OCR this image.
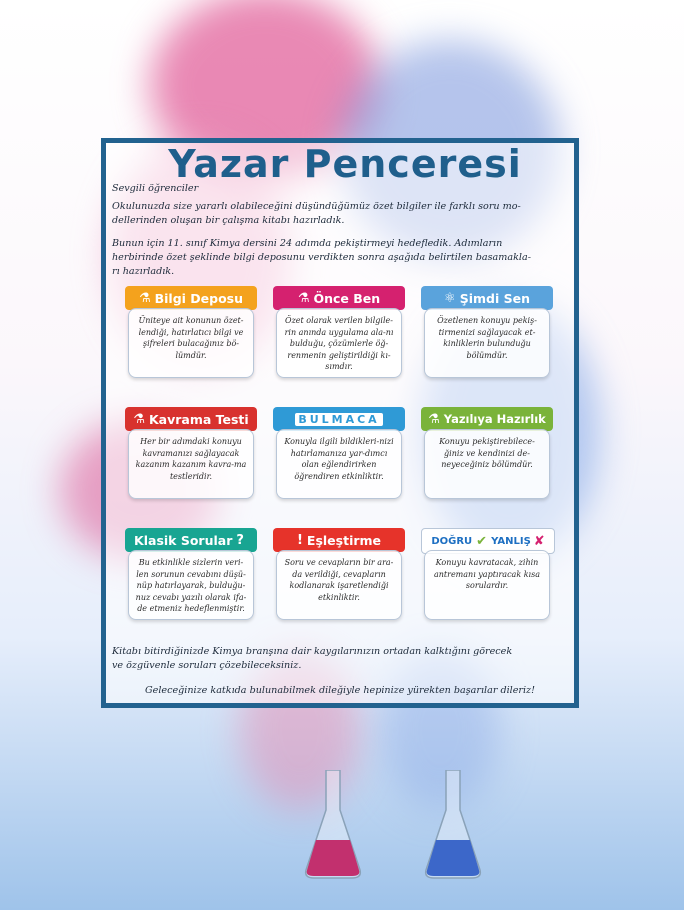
Yazar Penceresi
Sevgili öğrenciler
Okulunuzda size yararlı olabileceğini düşündüğümüz özet bilgiler ile farklı soru mo-
dellerinden oluşan bir çalışma kitabı hazırladık.
Bunun için 11. sınıf Kimya dersini 24 adımda pekiştirmeyi hedefledik. Adımların
herbirinde özet şeklinde bilgi deposunu verdikten sonra aşağıda belirtilen basamakla-
rı hazırladık.
⚗ Bilgi Deposu
Üniteye ait konunun özet-lendiği, hatırlatıcı bilgi ve şifreleri bulacağınız bö-lümdür.
⚗ Önce Ben
Özet olarak verilen bilgile-rin anında uygulama ala-nı bulduğu, çözümlerle öğ-renmenin geliştirildiği kı-sımdır.
⚛ Şimdi Sen
Özetlenen konuyu pekiş-tirmenizi sağlayacak et-kinliklerin bulunduğu bölümdür.
⚗ Kavrama Testi
Her bir adımdaki konuyu kavramanızı sağlayacak kazanım kazanım kavra-ma testleridir.
BULMACA
Konuyla ilgili bildikleri-nizi hatırlamanıza yar-dımcı olan eğlendirirken öğrendiren etkinliktir.
⚗ Yazılıya Hazırlık
Konuyu pekiştirebilece-ğiniz ve kendinizi de-neyeceğiniz bölümdür.
Klasik Sorular ?
Bu etkinlikle sizlerin veri-len sorunun cevabını düşü-nüp hatırlayarak, bulduğu-nuz cevabı yazılı olarak ifa-de etmeniz hedeflenmiştir.
! Eşleştirme
Soru ve cevapların bir ara-da verildiği, cevapların kodlanarak işaretlendiği etkinliktir.
DOĞRU ✔ YANLIŞ ✘
Konuyu kavratacak, zihin antremanı yaptıracak kısa sorulardır.
Kitabı bitirdiğinizde Kimya branşına dair kaygılarınızın ortadan kalktığını görecek
ve özgüvenle soruları çözebileceksiniz.
Geleceğinize katkıda bulunabilmek dileğiyle hepinize yürekten başarılar dileriz!
